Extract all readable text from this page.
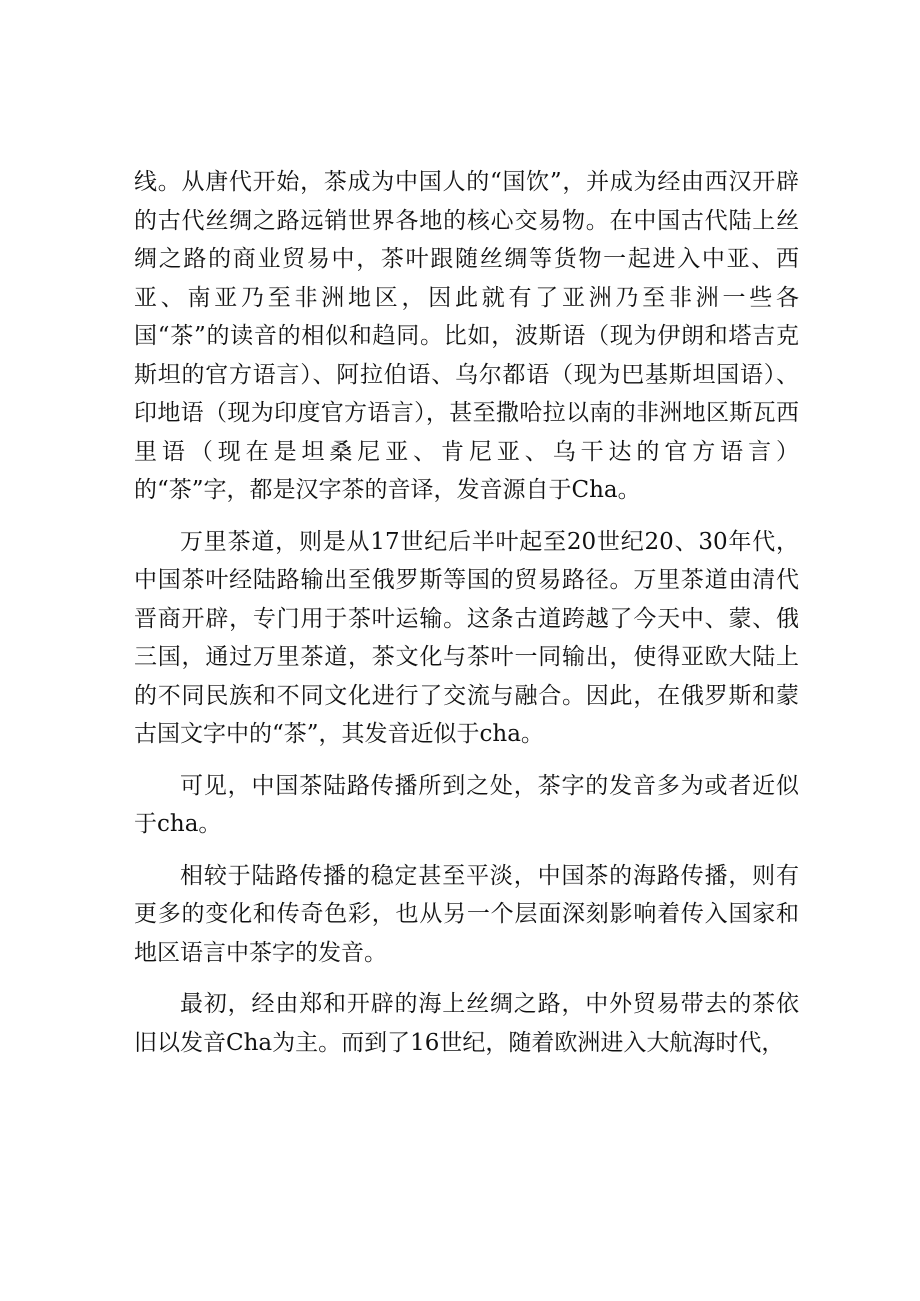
线。从唐代开始，茶成为中国人的“国饮”，并成为经由西汉开辟的古代丝绸之路远销世界各地的核心交易物。在中国古代陆上丝绸之路的商业贸易中，茶叶跟随丝绸等货物一起进入中亚、西亚、南亚乃至非洲地区，因此就有了亚洲乃至非洲一些各国“茶”的读音的相似和趋同。比如，波斯语（现为伊朗和塔吉克斯坦的官方语言）、阿拉伯语、乌尔都语（现为巴基斯坦国语）、印地语（现为印度官方语言），甚至撒哈拉以南的非洲地区斯瓦西里语（现在是坦桑尼亚、肯尼亚、乌干达的官方语言）的“茶”字，都是汉字茶的音译，发音源自于Cha。

万里茶道，则是从17世纪后半叶起至20世纪20、30年代，中国茶叶经陆路输出至俄罗斯等国的贸易路径。万里茶道由清代晋商开辟，专门用于茶叶运输。这条古道跨越了今天中、蒙、俄三国，通过万里茶道，茶文化与茶叶一同输出，使得亚欧大陆上的不同民族和不同文化进行了交流与融合。因此，在俄罗斯和蒙古国文字中的“茶”，其发音近似于cha。

可见，中国茶陆路传播所到之处，茶字的发音多为或者近似于cha。

相较于陆路传播的稳定甚至平淡，中国茶的海路传播，则有更多的变化和传奇色彩，也从另一个层面深刻影响着传入国家和地区语言中茶字的发音。

最初，经由郑和开辟的海上丝绸之路，中外贸易带去的茶依旧以发音Cha为主。而到了16世纪，随着欧洲进入大航海时代，
